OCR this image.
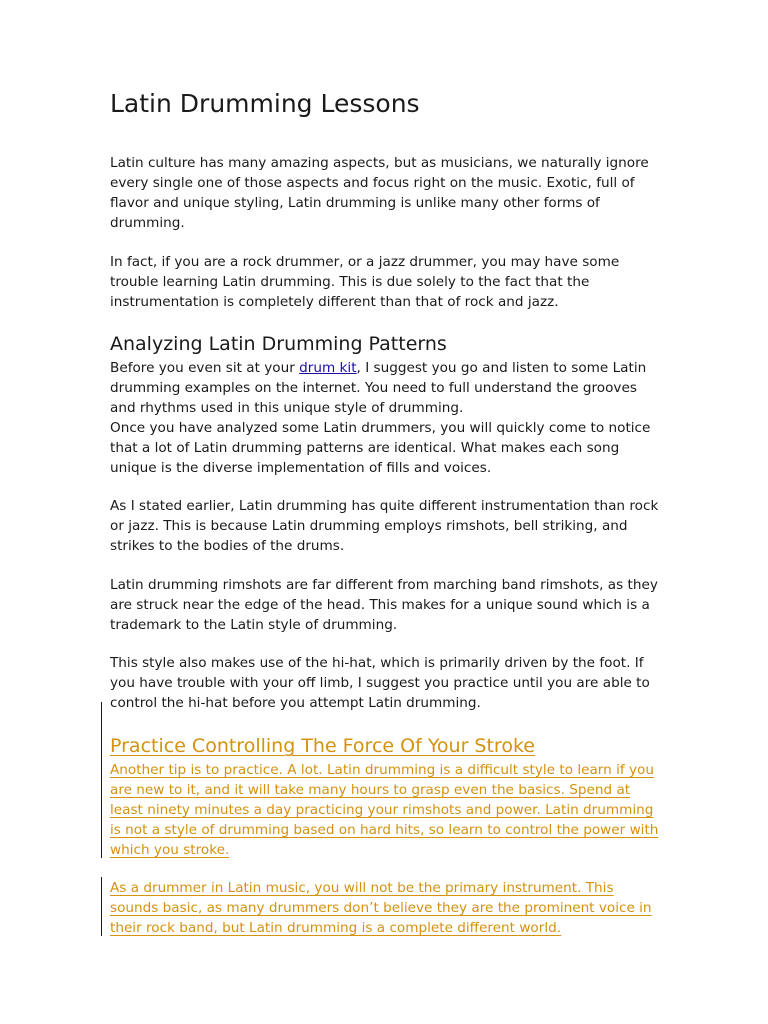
Latin Drumming Lessons

Latin culture has many amazing aspects, but as musicians, we naturally ignore
every single one of those aspects and focus right on the music. Exotic, full of
flavor and unique styling, Latin drumming is unlike many other forms of
drumming.

In fact, if you are a rock drummer, or a jazz drummer, you may have some
trouble learning Latin drumming. This is due solely to the fact that the
instrumentation is completely different than that of rock and jazz.

Analyzing Latin Drumming Patterns

Before you even sit at your drum kit, I suggest you go and listen to some Latin
drumming examples on the internet. You need to full understand the grooves
and rhythms used in this unique style of drumming.
Once you have analyzed some Latin drummers, you will quickly come to notice
that a lot of Latin drumming patterns are identical. What makes each song
unique is the diverse implementation of fills and voices.

As I stated earlier, Latin drumming has quite different instrumentation than rock
or jazz. This is because Latin drumming employs rimshots, bell striking, and
strikes to the bodies of the drums.

Latin drumming rimshots are far different from marching band rimshots, as they
are struck near the edge of the head. This makes for a unique sound which is a
trademark to the Latin style of drumming.

This style also makes use of the hi-hat, which is primarily driven by the foot. If
you have trouble with your off limb, I suggest you practice until you are able to
control the hi-hat before you attempt Latin drumming.

Practice Controlling The Force Of Your Stroke

Another tip is to practice. A lot. Latin drumming is a difficult style to learn if you
are new to it, and it will take many hours to grasp even the basics. Spend at
least ninety minutes a day practicing your rimshots and power. Latin drumming
is not a style of drumming based on hard hits, so learn to control the power with
which you stroke.

As a drummer in Latin music, you will not be the primary instrument. This
sounds basic, as many drummers don’t believe they are the prominent voice in
their rock band, but Latin drumming is a complete different world.
